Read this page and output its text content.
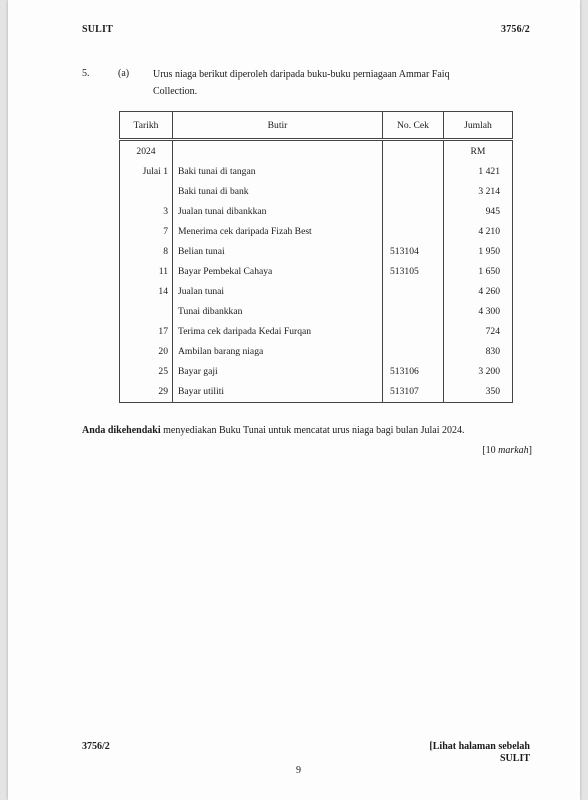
SULIT	3756/2
5.	(a) Urus niaga berikut diperoleh daripada buku-buku perniagaan Ammar Faiq
Collection.
Tarikh	Butir	No. Cek	Jumlah
2024			RM
Julai 1	Baki tunai di tangan		1 421
	Baki tunai di bank		3 214
3	Jualan tunai dibankkan		945
7	Menerima cek daripada Fizah Best		4 210
8	Belian tunai	513104	1 950
11	Bayar Pembekal Cahaya	513105	1 650
14	Jualan tunai		4 260
	Tunai dibankkan		4 300
17	Terima cek daripada Kedai Furqan		724
20	Ambilan barang niaga		830
25	Bayar gaji	513106	3 200
29	Bayar utiliti	513107	350
Anda dikehendaki menyediakan Buku Tunai untuk mencatat urus niaga bagi bulan Julai 2024.
[10 markah]
3756/2	[Lihat halaman sebelah
SULIT
9
